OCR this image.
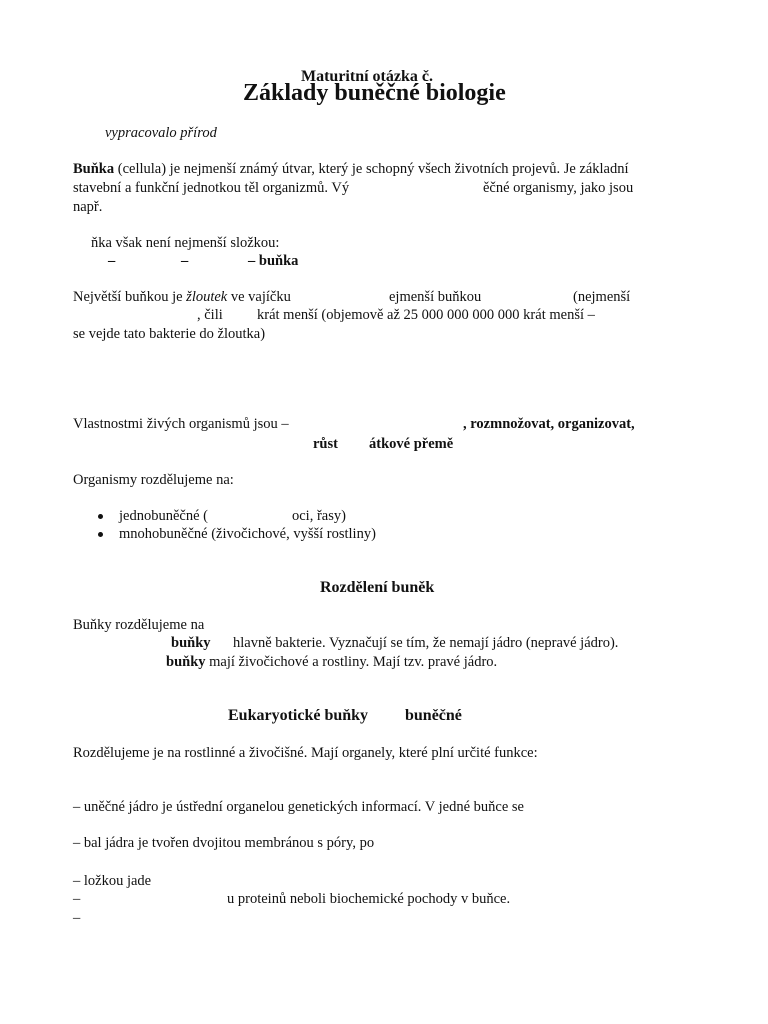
Maturitní otázka č.
Základy buněčné biologie
vypracovalo přírod
Buňka (cellula) je nejmenší známý útvar, který je schopný všech životních projevů. Je základní
stavební a funkční jednotkou těl organizmů. Vý	ěčné organismy, jako jsou
např.
ňka však není nejmenší složkou:
–	–	– buňka
Největší buňkou je žloutek ve vajíčku	ejmenší buňkou	(nejmenší
, čili krát menší (objemově až 25 000 000 000 000 krát menší –
se vejde tato bakterie do žloutka)
Vlastnostmi živých organismů jsou –	, rozmnožovat, organizovat,
růst átkové přemě
Organismy rozdělujeme na:
jednobuněčné (	oci, řasy)
mnohobuněčné (živočichové, vyšší rostliny)
Rozdělení buněk
Buňky rozdělujeme na
buňky hlavně bakterie. Vyznačují se tím, že nemají jádro (nepravé jádro).
buňky mají živočichové a rostliny. Mají tzv. pravé jádro.
Eukaryotické buňky buněčné
Rozdělujeme je na rostlinné a živočišné. Mají organely, které plní určité funkce:
– uněčné jádro je ústřední organelou genetických informací. V jedné buňce se
– bal jádra je tvořen dvojitou membránou s póry, po
– ložkou jade
–	u proteinů neboli biochemické pochody v buňce.
–
